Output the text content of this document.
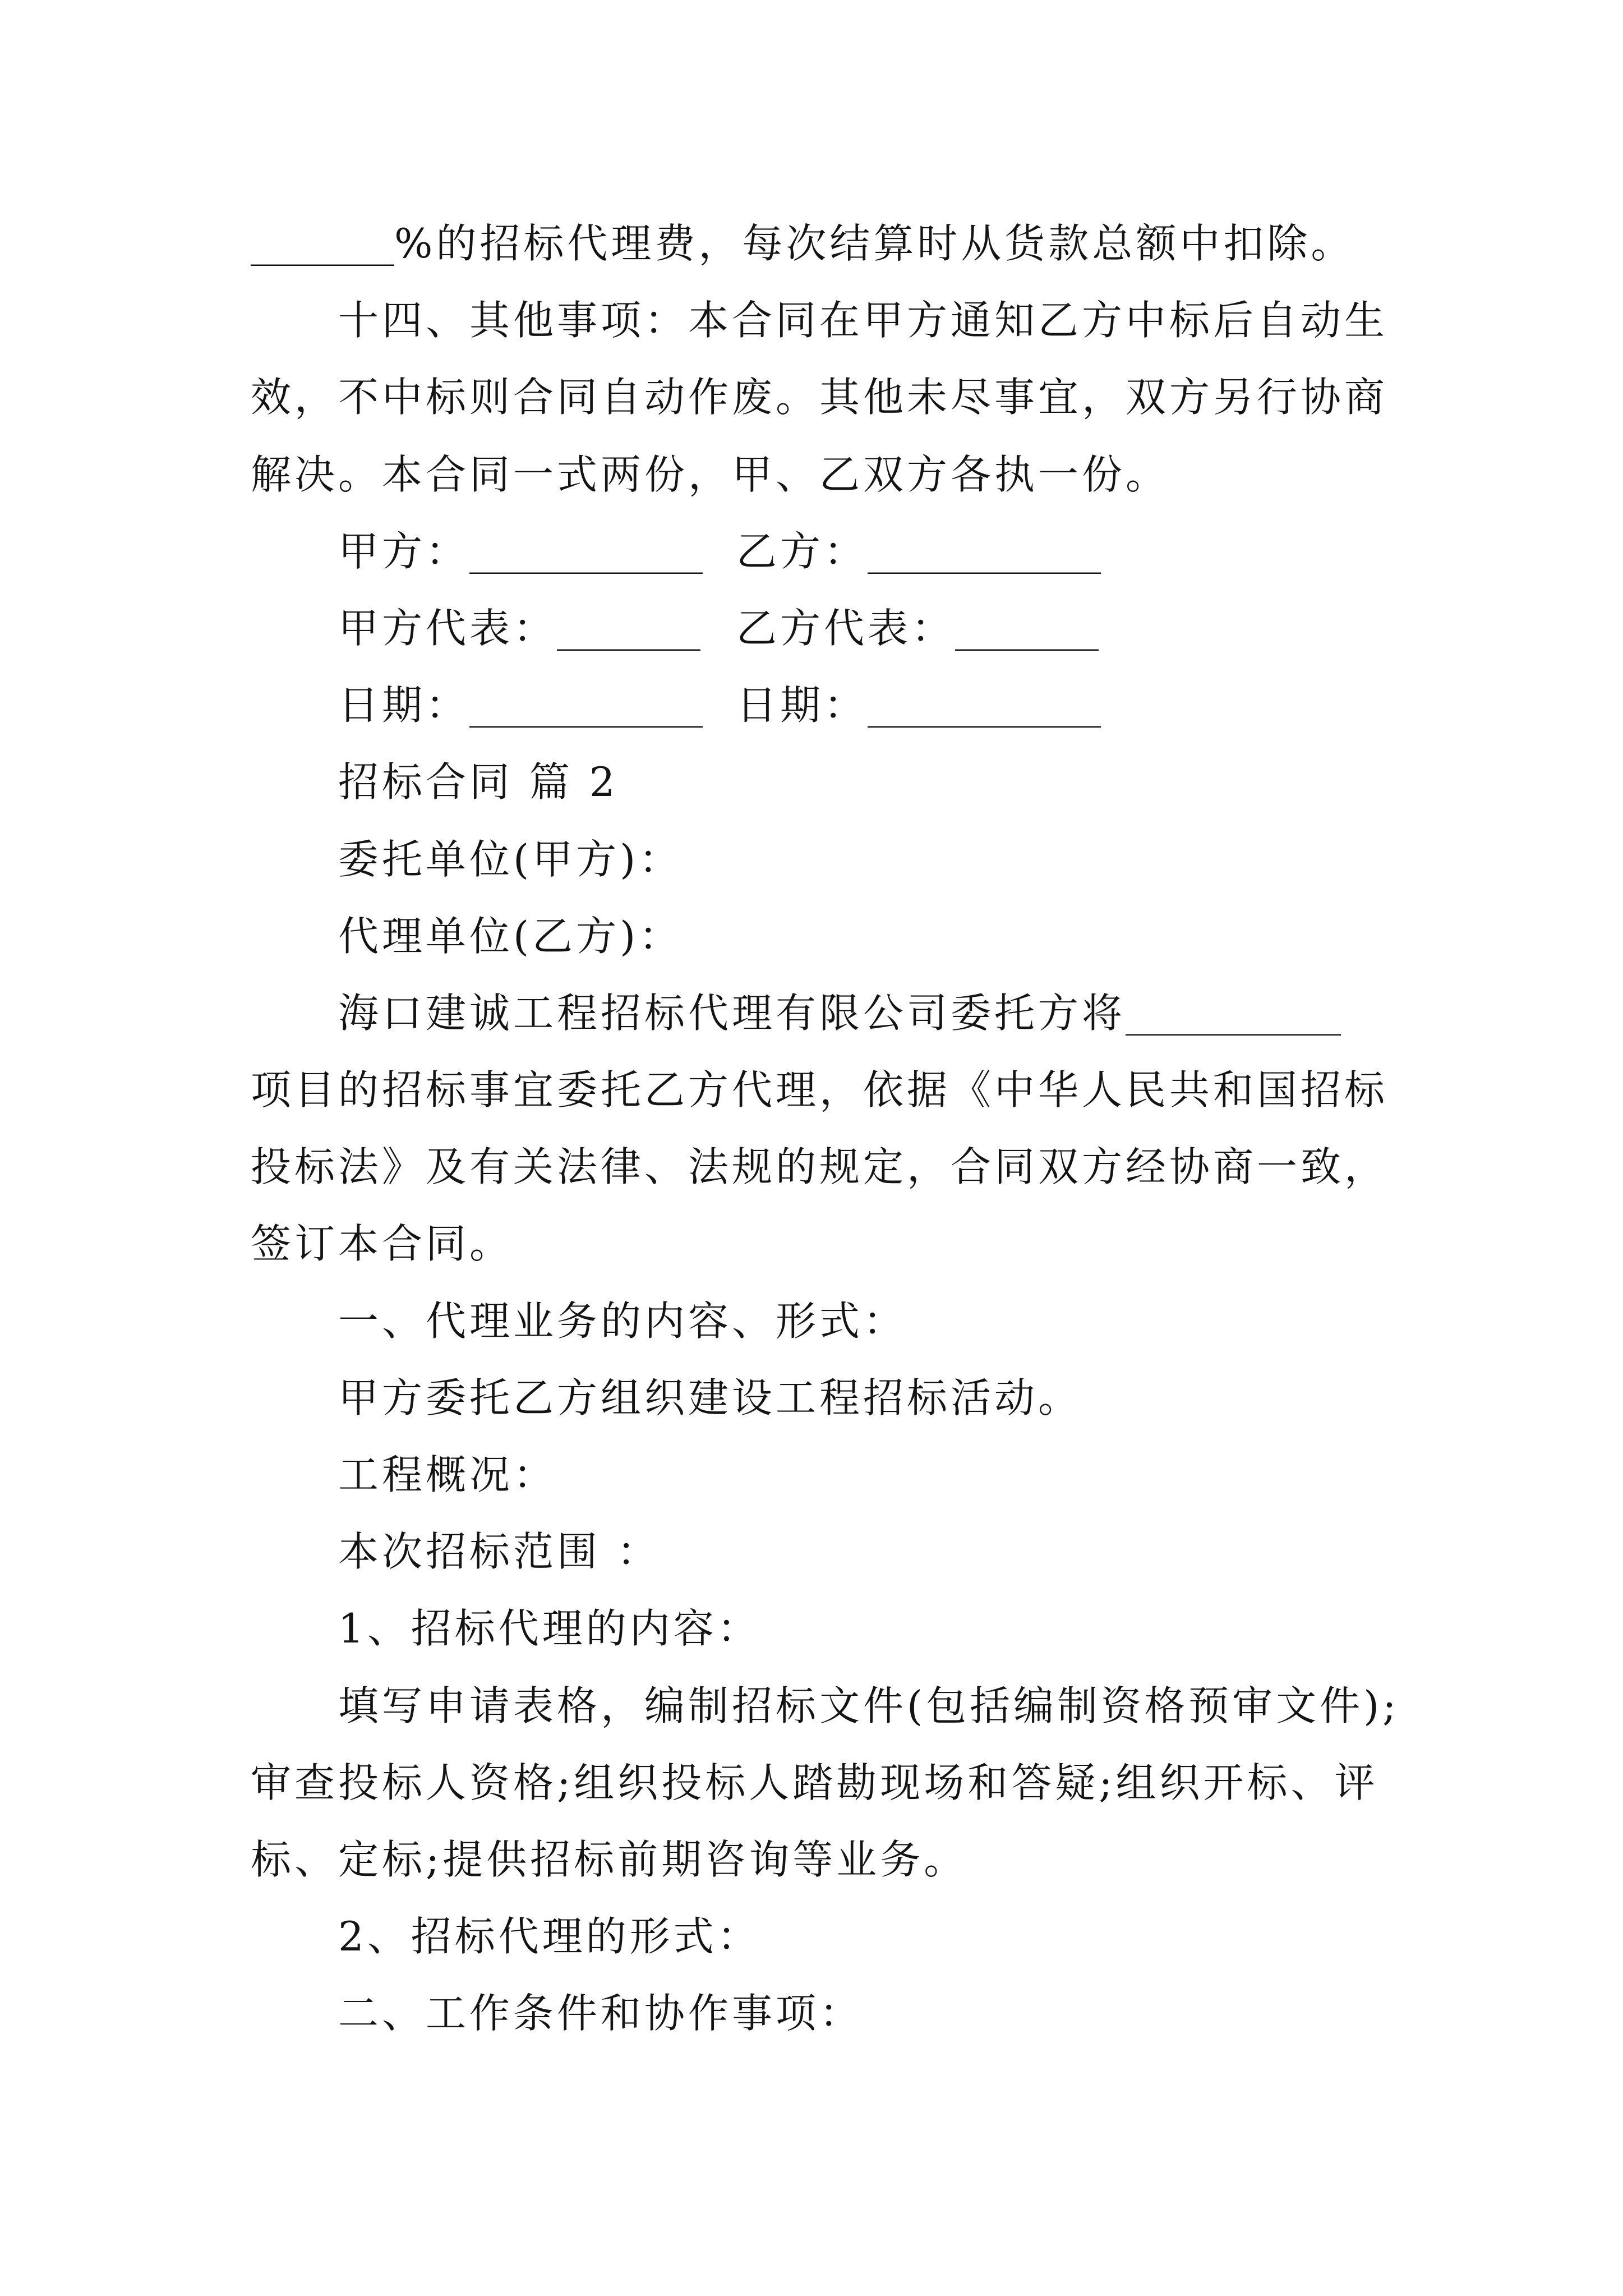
________%的招标代理费，每次结算时从货款总额中扣除。
十四、其他事项：本合同在甲方通知乙方中标后自动生
效，不中标则合同自动作废。其他未尽事宜，双方另行协商
解决。本合同一式两份，甲、乙双方各执一份。
甲方：_____________ 乙方：_____________
甲方代表：________ 乙方代表：________
日期：_____________ 日期：_____________
招标合同 篇 2
委托单位(甲方)：
代理单位(乙方)：
海口建诚工程招标代理有限公司委托方将____________
项目的招标事宜委托乙方代理，依据《中华人民共和国招标
投标法》及有关法律、法规的规定，合同双方经协商一致，
签订本合同。
一、代理业务的内容、形式：
甲方委托乙方组织建设工程招标活动。
工程概况：
本次招标范围 ：
1、招标代理的内容：
填写申请表格，编制招标文件(包括编制资格预审文件);
审查投标人资格;组织投标人踏勘现场和答疑;组织开标、评
标、定标;提供招标前期咨询等业务。
2、招标代理的形式：
二、工作条件和协作事项：
